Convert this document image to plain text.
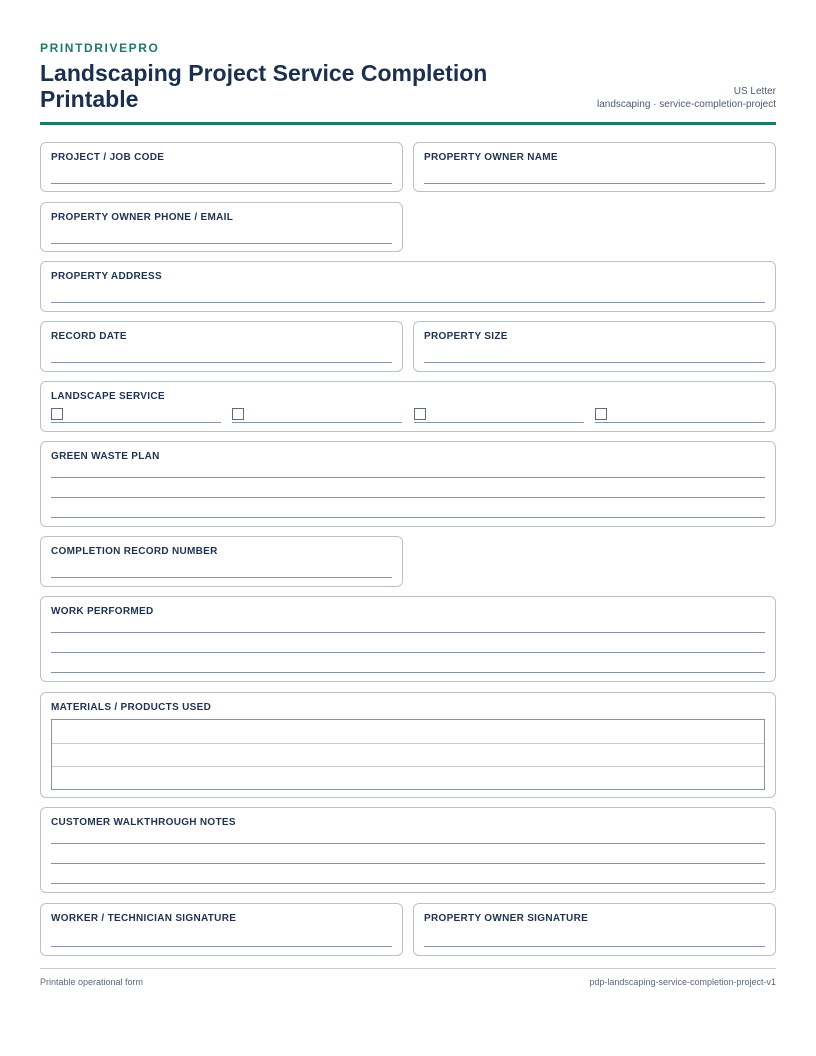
PRINTDRIVEPRO
Landscaping Project Service Completion Printable	US Letter
landscaping · service-completion-project
PROJECT / JOB CODE	PROPERTY OWNER NAME
PROPERTY OWNER PHONE / EMAIL
PROPERTY ADDRESS
RECORD DATE	PROPERTY SIZE
LANDSCAPE SERVICE
GREEN WASTE PLAN
COMPLETION RECORD NUMBER
WORK PERFORMED
MATERIALS / PRODUCTS USED
CUSTOMER WALKTHROUGH NOTES
WORKER / TECHNICIAN SIGNATURE	PROPERTY OWNER SIGNATURE
Printable operational form	pdp-landscaping-service-completion-project-v1
